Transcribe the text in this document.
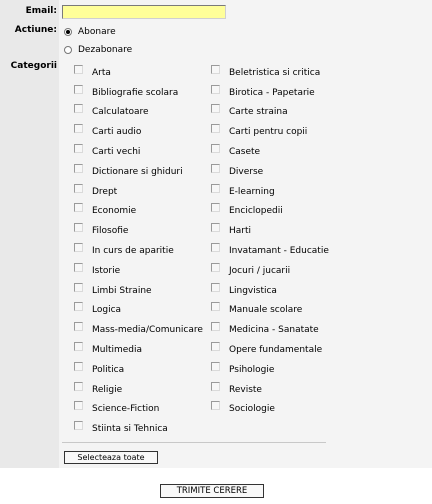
Email:
Actiune:
Categorii
Abonare
Dezabonare
Arta
Bibliografie scolara
Calculatoare
Carti audio
Carti vechi
Dictionare si ghiduri
Drept
Economie
Filosofie
In curs de aparitie
Istorie
Limbi Straine
Logica
Mass-media/Comunicare
Multimedia
Politica
Religie
Science-Fiction
Stiinta si Tehnica
Beletristica si critica
Birotica - Papetarie
Carte straina
Carti pentru copii
Casete
Diverse
E-learning
Enciclopedii
Harti
Invatamant - Educatie
Jocuri / jucarii
Lingvistica
Manuale scolare
Medicina - Sanatate
Opere fundamentale
Psihologie
Reviste
Sociologie
Selecteaza toate
TRIMITE CERERE
